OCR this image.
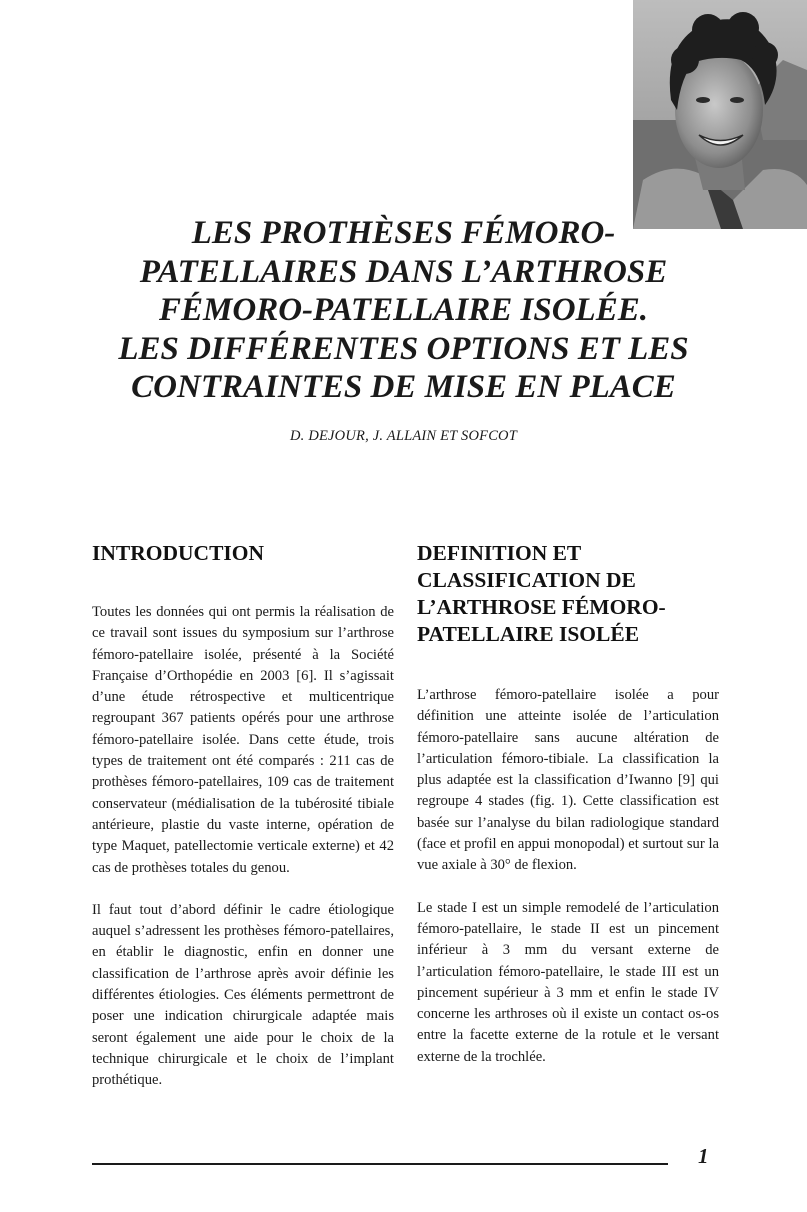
LES PROTHÈSES FÉMORO-
PATELLAIRES DANS L’ARTHROSE
FÉMORO-PATELLAIRE ISOLÉE.
LES DIFFÉRENTES OPTIONS ET LES
CONTRAINTES DE MISE EN PLACE
D. DEJOUR, J. ALLAIN ET SOFCOT
INTRODUCTION

Toutes les données qui ont permis la réalisation de ce travail sont issues du symposium sur l’arthrose fémoro-patellaire isolée, présenté à la Société Française d’Orthopédie en 2003 [6]. Il s’agissait d’une étude rétrospective et multicentrique regroupant 367 patients opérés pour une arthrose fémoro-patellaire isolée. Dans cette étude, trois types de traitement ont été comparés : 211 cas de prothèses fémoro-patellaires, 109 cas de traitement conservateur (médialisation de la tubérosité tibiale antérieure, plastie du vaste interne, opération de type Maquet, patellectomie verticale externe) et 42 cas de prothèses totales du genou.

Il faut tout d’abord définir le cadre étiologique auquel s’adressent les prothèses fémoro-patellaires, en établir le diagnostic, enfin en donner une classification de l’arthrose après avoir définie les différentes étiologies. Ces éléments permettront de poser une indication chirurgicale adaptée mais seront également une aide pour le choix de la technique chirurgicale et le choix de l’implant prothétique.

DEFINITION ET
CLASSIFICATION DE
L’ARTHROSE FÉMORO-
PATELLAIRE ISOLÉE

L’arthrose fémoro-patellaire isolée a pour définition une atteinte isolée de l’articulation fémoro-patellaire sans aucune altération de l’articulation fémoro-tibiale. La classification la plus adaptée est la classification d’Iwanno [9] qui regroupe 4 stades (fig. 1). Cette classification est basée sur l’analyse du bilan radiologique standard (face et profil en appui monopodal) et surtout sur la vue axiale à 30° de flexion.

Le stade I est un simple remodelé de l’articulation fémoro-patellaire, le stade II est un pincement inférieur à 3 mm du versant externe de l’articulation fémoro-patellaire, le stade III est un pincement supérieur à 3 mm et enfin le stade IV concerne les arthroses où il existe un contact os-os entre la facette externe de la rotule et le versant externe de la trochlée.

1
